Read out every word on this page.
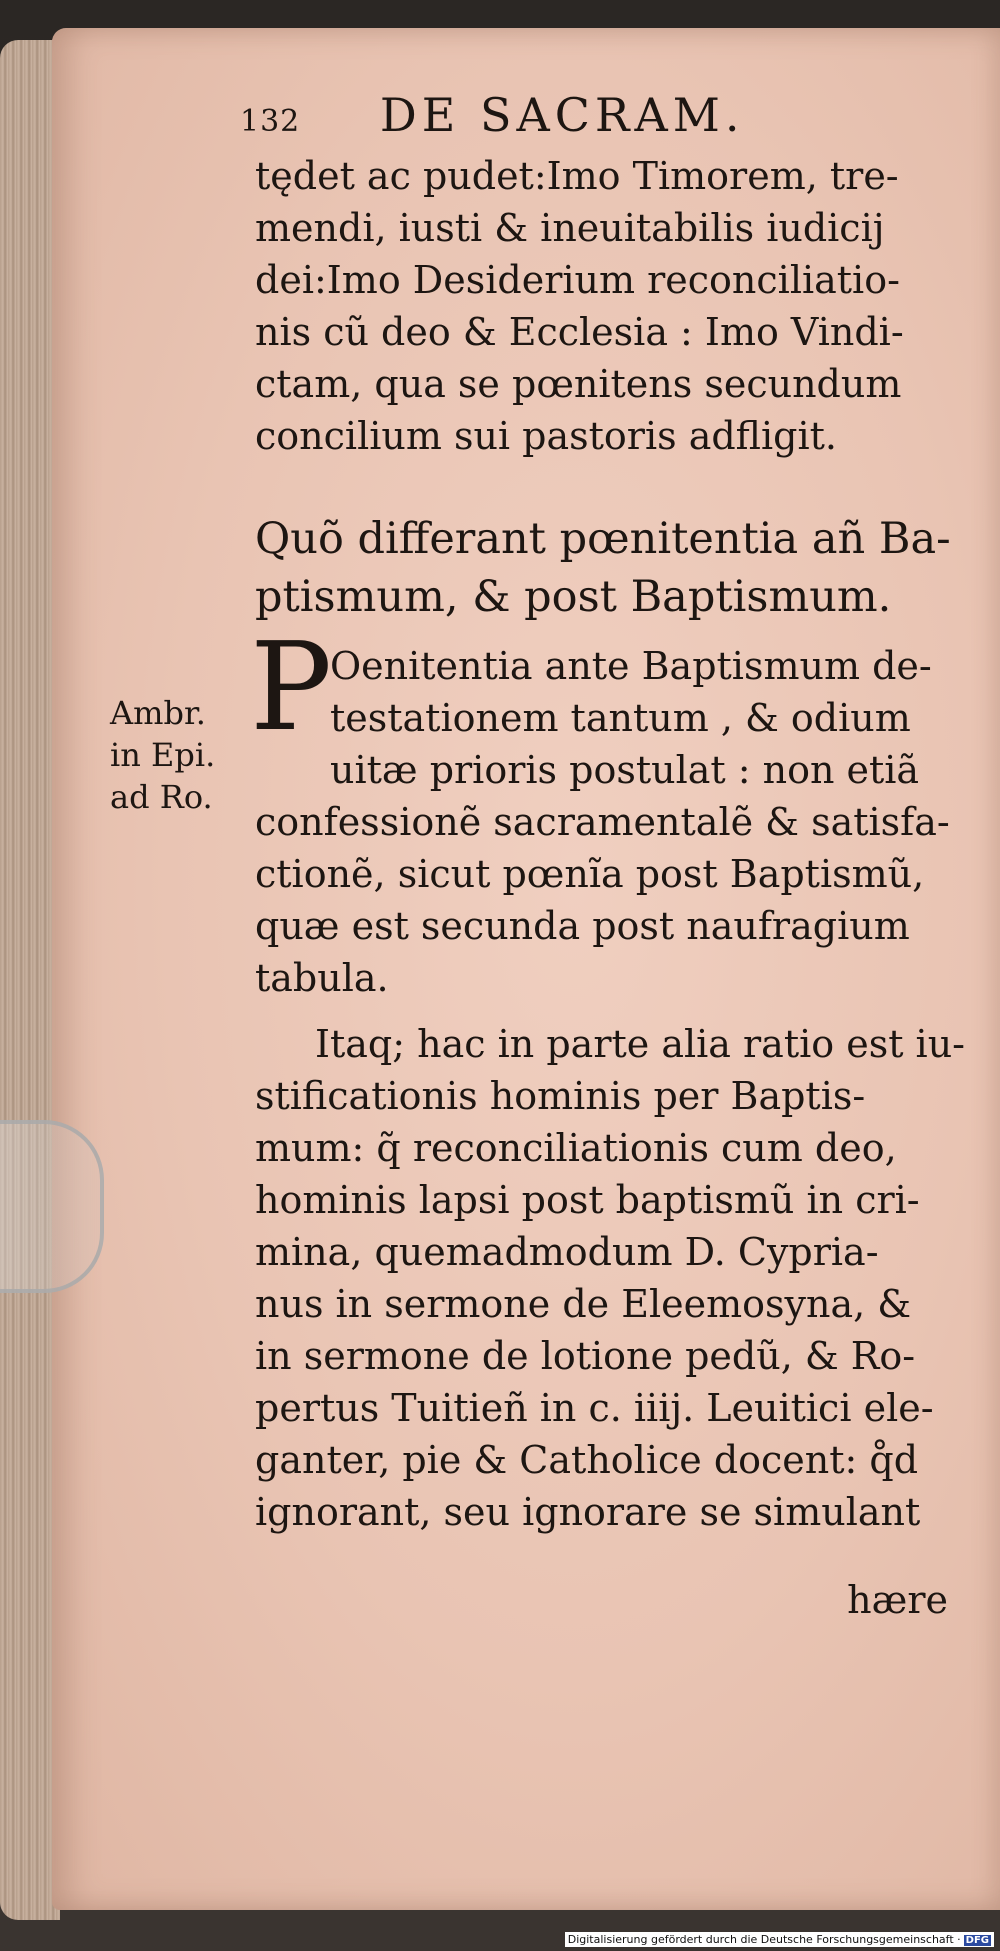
132 DE SACRAM.
tędet ac pudet:Imo Timorem, tre-
mendi, iusti & ineuitabilis iudicij
dei:Imo Desiderium reconciliatio-
nis cũ deo & Ecclesia : Imo Vindi-
ctam, qua se pœnitens secundum
concilium sui pastoris adfligit.
Quõ differant pœnitentia añ Ba-
ptismum, & post Baptismum.
P
Ambr.
in Epi.
ad Ro.
Oenitentia ante Baptismum de-
testationem tantum , & odium
uitæ prioris postulat : non etiã
confessionẽ sacramentalẽ & satisfa-
ctionẽ, sicut pœnĩa post Baptismũ,
quæ est secunda post naufragium
tabula.
Itaq; hac in parte alia ratio est iu-
stificationis hominis per Baptis-
mum: q̃ reconciliationis cum deo,
hominis lapsi post baptismũ in cri-
mina, quemadmodum D. Cypria-
nus in sermone de Eleemosyna, &
in sermone de lotione pedũ, & Ro-
pertus Tuitieñ in c. iiij. Leuitici ele-
ganter, pie & Catholice docent: q̊d
ignorant, seu ignorare se simulant
hære
Digitalisierung gefördert durch die Deutsche Forschungsgemeinschaft · DFG
